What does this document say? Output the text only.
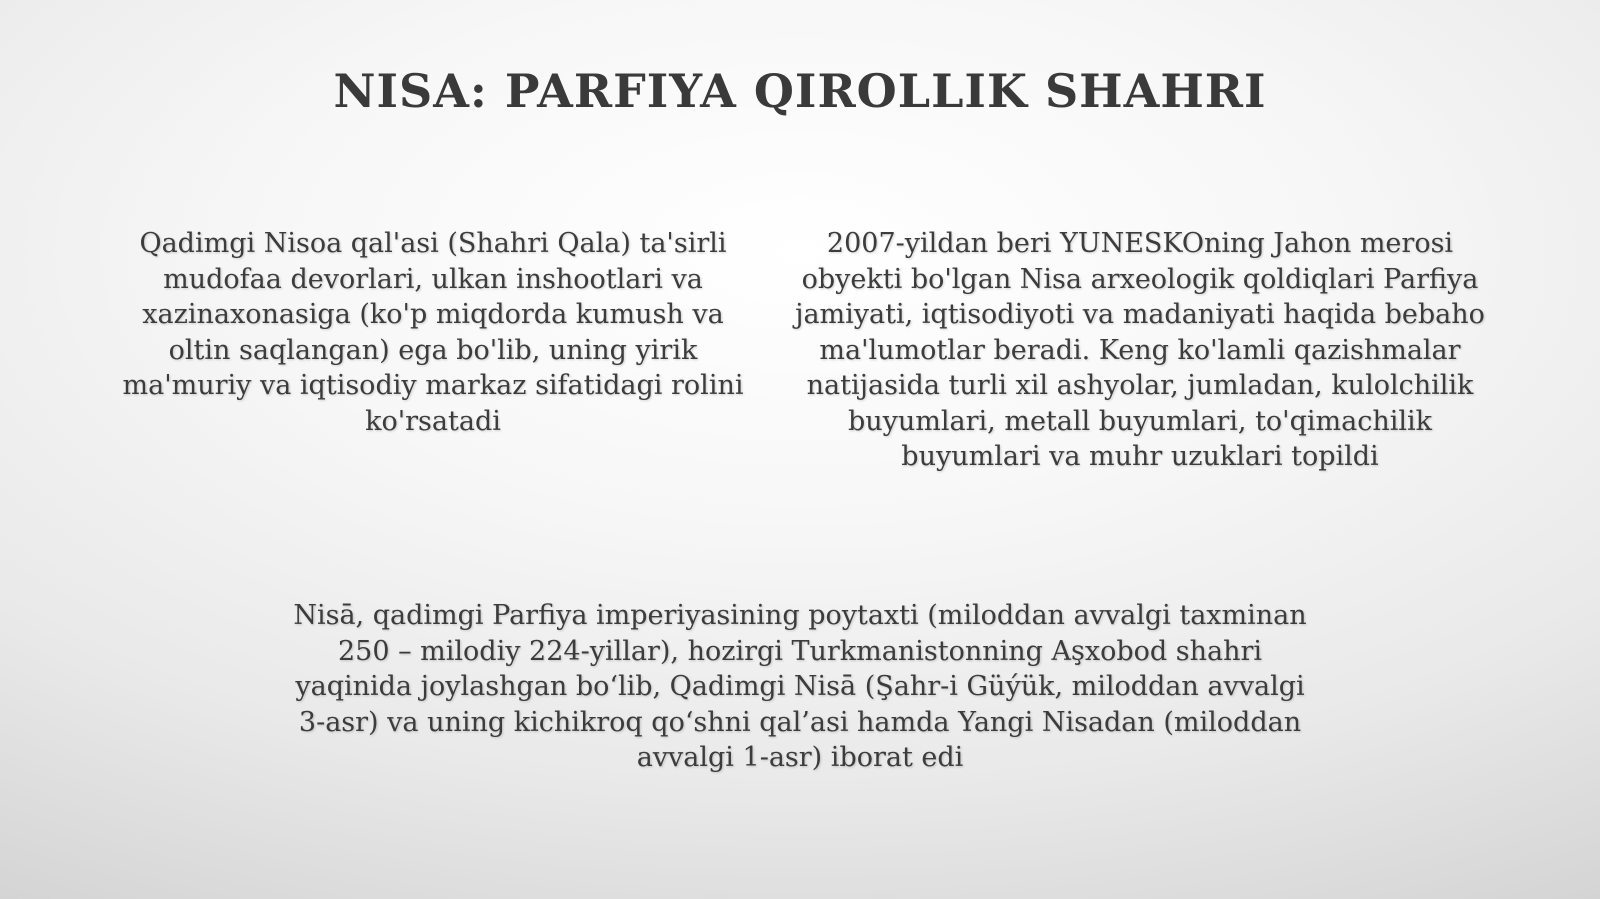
NISA: PARFIYA QIROLLIK SHAHRI
Qadimgi Nisoa qal'asi (Shahri Qala) ta'sirli mudofaa devorlari, ulkan inshootlari va xazinaxonasiga (ko'p miqdorda kumush va oltin saqlangan) ega bo'lib, uning yirik ma'muriy va iqtisodiy markaz sifatidagi rolini ko'rsatadi
2007-yildan beri YUNESKOning Jahon merosi obyekti bo'lgan Nisa arxeologik qoldiqlari Parfiya jamiyati, iqtisodiyoti va madaniyati haqida bebaho ma'lumotlar beradi. Keng ko'lamli qazishmalar natijasida turli xil ashyolar, jumladan, kulolchilik buyumlari, metall buyumlari, to'qimachilik buyumlari va muhr uzuklari topildi
Nisā, qadimgi Parfiya imperiyasining poytaxti (miloddan avvalgi taxminan 250 – milodiy 224-yillar), hozirgi Turkmanistonning Aşxobod shahri yaqinida joylashgan bo‘lib, Qadimgi Nisā (Şahr-i Güýük, miloddan avvalgi 3-asr) va uning kichikroq qo‘shni qal’asi hamda Yangi Nisadan (miloddan avvalgi 1-asr) iborat edi
